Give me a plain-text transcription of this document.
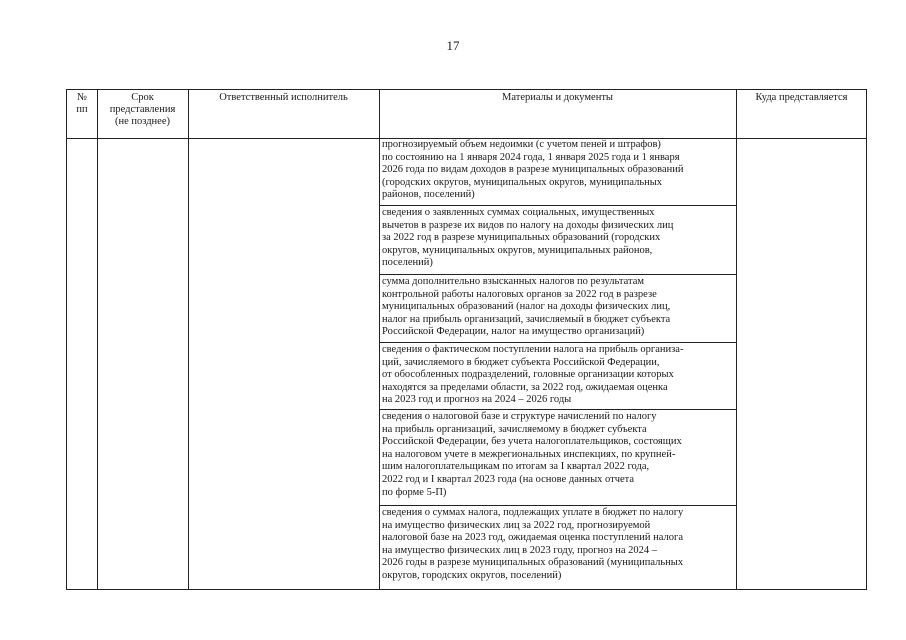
17
№
пп
Срок
представления
(не позднее)
Ответственный исполнитель	Материалы и документы	Куда представляется
прогнозируемый объем недоимки (с учетом пеней и штрафов)
по состоянию на 1 января 2024 года, 1 января 2025 года и 1 января
2026 года по видам доходов в разрезе муниципальных образований
(городских округов, муниципальных округов, муниципальных
районов, поселений)
сведения о заявленных суммах социальных, имущественных
вычетов в разрезе их видов по налогу на доходы физических лиц
за 2022 год в разрезе муниципальных образований (городских
округов, муниципальных округов, муниципальных районов,
поселений)
сумма дополнительно взысканных налогов по результатам
контрольной работы налоговых органов за 2022 год в разрезе
муниципальных образований (налог на доходы физических лиц,
налог на прибыль организаций, зачисляемый в бюджет субъекта
Российской Федерации, налог на имущество организаций)
сведения о фактическом поступлении налога на прибыль организа-
ций, зачисляемого в бюджет субъекта Российской Федерации,
от обособленных подразделений, головные организации которых
находятся за пределами области, за 2022 год, ожидаемая оценка
на 2023 год и прогноз на 2024 – 2026 годы
сведения о налоговой базе и структуре начислений по налогу
на прибыль организаций, зачисляемому в бюджет субъекта
Российской Федерации, без учета налогоплательщиков, состоящих
на налоговом учете в межрегиональных инспекциях, по крупней-
шим налогоплательщикам по итогам за I квартал 2022 года,
2022 год и I квартал 2023 года (на основе данных отчета
по форме 5-П)
сведения о суммах налога, подлежащих уплате в бюджет по налогу
на имущество физических лиц за 2022 год, прогнозируемой
налоговой базе на 2023 год, ожидаемая оценка поступлений налога
на имущество физических лиц в 2023 году, прогноз на 2024 –
2026 годы в разрезе муниципальных образований (муниципальных
округов, городских округов, поселений)
